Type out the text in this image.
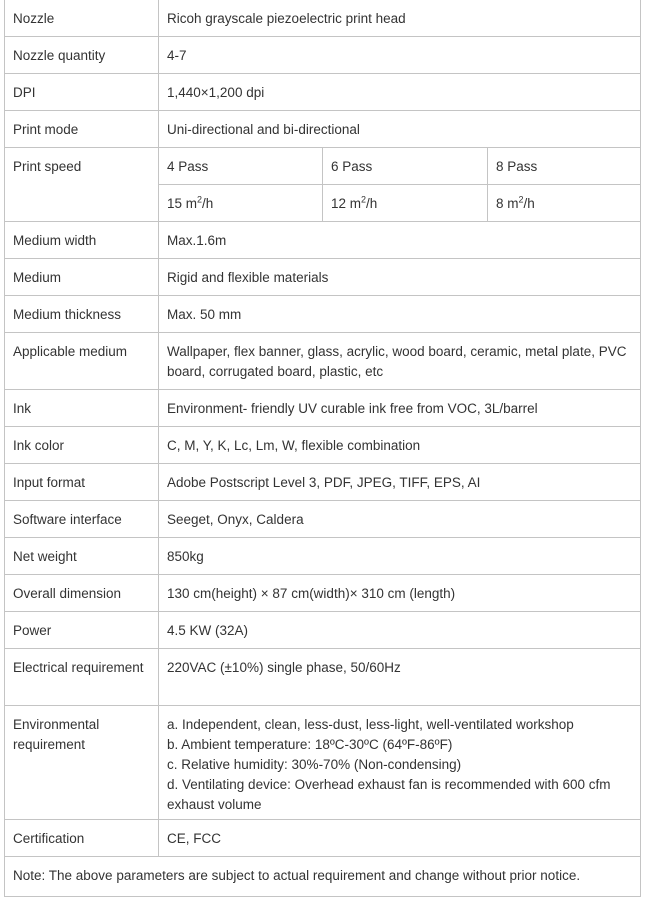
Nozzle	Ricoh grayscale piezoelectric print head		
Nozzle quantity	4-7		
DPI	1,440×1,200 dpi		
Print mode	Uni-directional and bi-directional		
Print speed	4 Pass	6 Pass	8 Pass
	15 $m^2/h$	12 $m^2/h$	8 $m^2/h$
Medium width	Max.1.6m		
Medium	Rigid and flexible materials		
Medium thickness	Max. 50 mm		
Applicable medium	Wallpaper, flex banner, glass, acrylic, wood board, ceramic, metal plate, PVC board, corrugated board, plastic, etc		
Ink	Environment- friendly UV curable ink free from VOC, 3L/barrel		
Ink color	C, M, Y, K, Lc, Lm, W, flexible combination		
Input format	Adobe Postscript Level 3, PDF, JPEG, TIFF, EPS, AI		
Software interface	Seeget, Onyx, Caldera		
Net weight	850kg		
Overall dimension	130 cm(height) × 87 cm(width)× 310 cm (length)		
Power	4.5 KW (32A)		
Electrical requirement	220VAC (±10%) single phase, 50/60Hz		
Environmental requirement	a. Independent, clean, less-dust, less-light, well-ventilated workshop
b. Ambient temperature: 18ºC-30ºC (64ºF-86ºF)
c. Relative humidity: 30%-70% (Non-condensing)
d. Ventilating device: Overhead exhaust fan is recommended with 600 cfm exhaust volume		

Certification	CE, FCC		
Note: The above parameters are subject to actual requirement and change without prior notice.			
